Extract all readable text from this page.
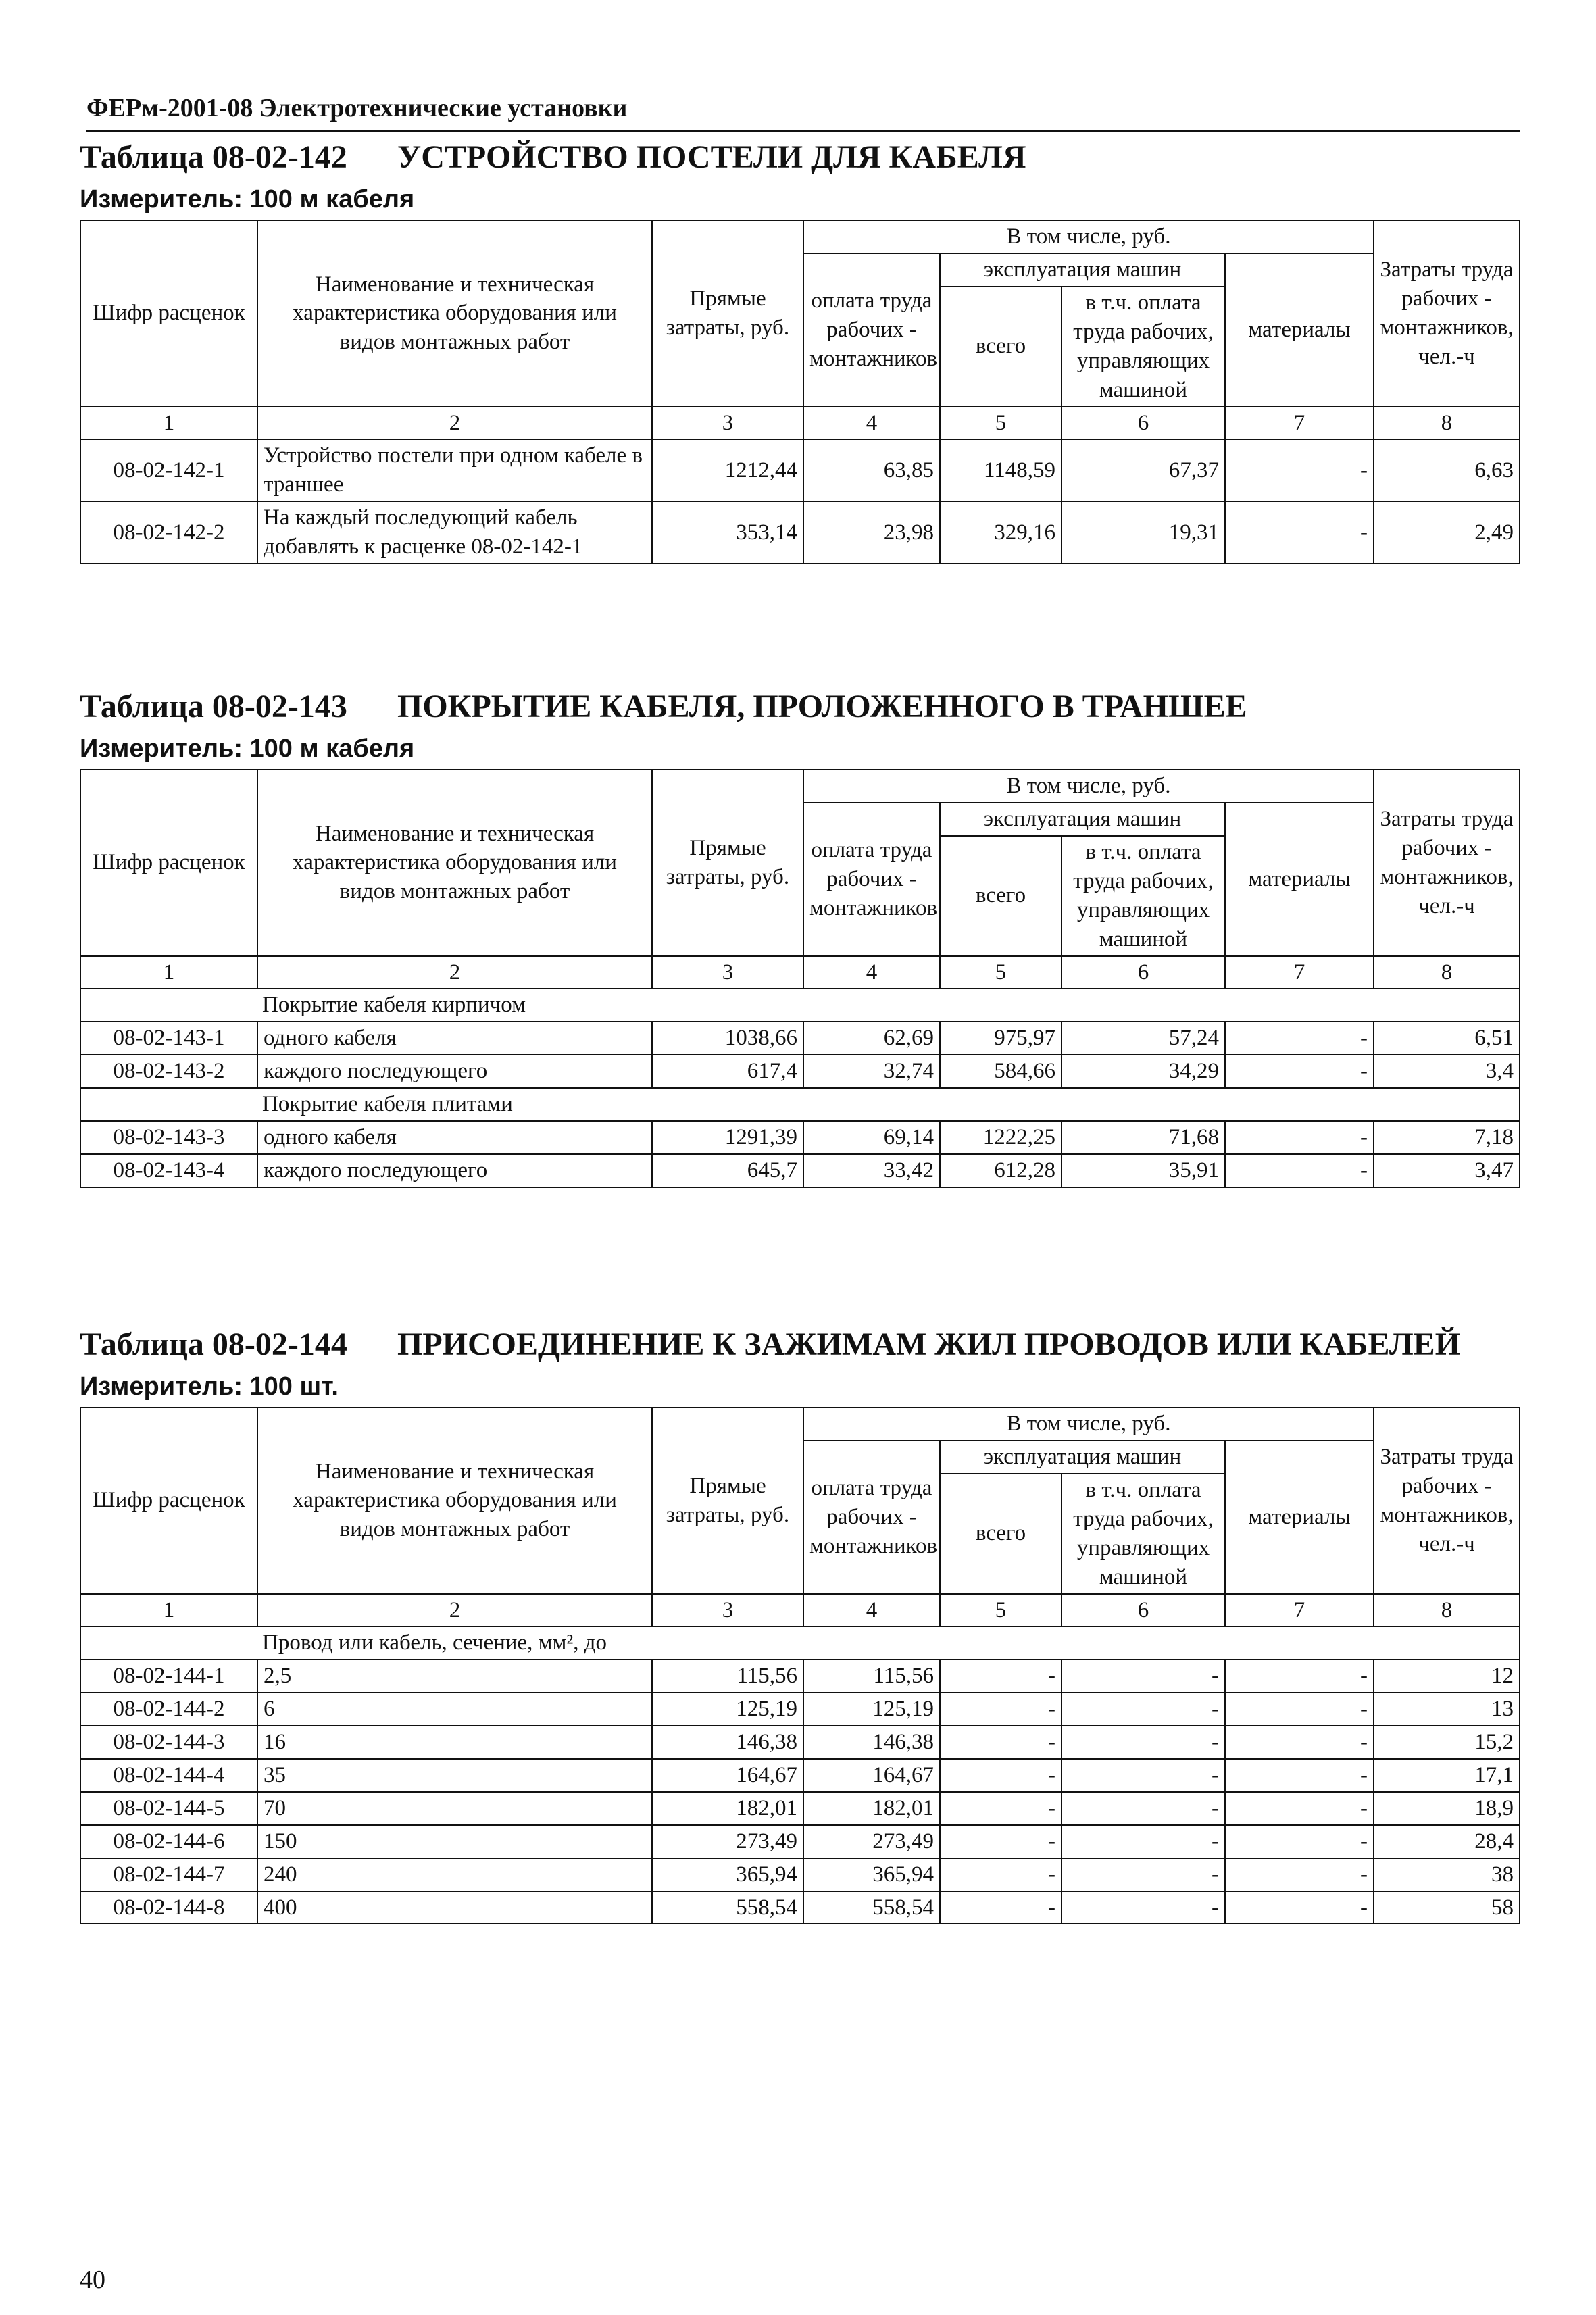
ФЕРм-2001-08 Электротехнические установки
Таблица 08-02-142	УСТРОЙСТВО ПОСТЕЛИ ДЛЯ КАБЕЛЯ
Измеритель: 100 м кабеля
Шифр расценок	Наименование и техническая характеристика оборудования или видов монтажных работ	Прямые затраты, руб.	В том числе, руб.				Затраты труда рабочих - монтажников, чел.-ч
			оплата труда рабочих - монтажников	эксплуатация машин		материалы	
				всего	в т.ч. оплата труда рабочих, управляющих машиной		
1	2	3	4	5	6	7	8
08-02-142-1	Устройство постели при одном кабеле в траншее	1212,44	63,85	1148,59	67,37	-	6,63
08-02-142-2	На каждый последующий кабель добавлять к расценке 08-02-142-1	353,14	23,98	329,16	19,31	-	2,49
Таблица 08-02-143	ПОКРЫТИЕ КАБЕЛЯ, ПРОЛОЖЕННОГО В ТРАНШЕЕ
Измеритель: 100 м кабеля
Шифр расценок	Наименование и техническая характеристика оборудования или видов монтажных работ	Прямые затраты, руб.	В том числе, руб.				Затраты труда рабочих - монтажников, чел.-ч
			оплата труда рабочих - монтажников	эксплуатация машин		материалы	
				всего	в т.ч. оплата труда рабочих, управляющих машиной		
1	2	3	4	5	6	7	8
Покрытие кабеля кирпичом							
08-02-143-1	одного кабеля	1038,66	62,69	975,97	57,24	-	6,51
08-02-143-2	каждого последующего	617,4	32,74	584,66	34,29	-	3,4
Покрытие кабеля плитами							
08-02-143-3	одного кабеля	1291,39	69,14	1222,25	71,68	-	7,18
08-02-143-4	каждого последующего	645,7	33,42	612,28	35,91	-	3,47
Таблица 08-02-144	ПРИСОЕДИНЕНИЕ К ЗАЖИМАМ ЖИЛ ПРОВОДОВ ИЛИ КАБЕЛЕЙ
Измеритель: 100 шт.
Шифр расценок	Наименование и техническая характеристика оборудования или видов монтажных работ	Прямые затраты, руб.	В том числе, руб.				Затраты труда рабочих - монтажников, чел.-ч
			оплата труда рабочих - монтажников	эксплуатация машин		материалы	
				всего	в т.ч. оплата труда рабочих, управляющих машиной		
1	2	3	4	5	6	7	8
Провод или кабель, сечение, мм², до							
08-02-144-1	2,5	115,56	115,56	-	-	-	12
08-02-144-2	6	125,19	125,19	-	-	-	13
08-02-144-3	16	146,38	146,38	-	-	-	15,2
08-02-144-4	35	164,67	164,67	-	-	-	17,1
08-02-144-5	70	182,01	182,01	-	-	-	18,9
08-02-144-6	150	273,49	273,49	-	-	-	28,4
08-02-144-7	240	365,94	365,94	-	-	-	38
08-02-144-8	400	558,54	558,54	-	-	-	58
40
